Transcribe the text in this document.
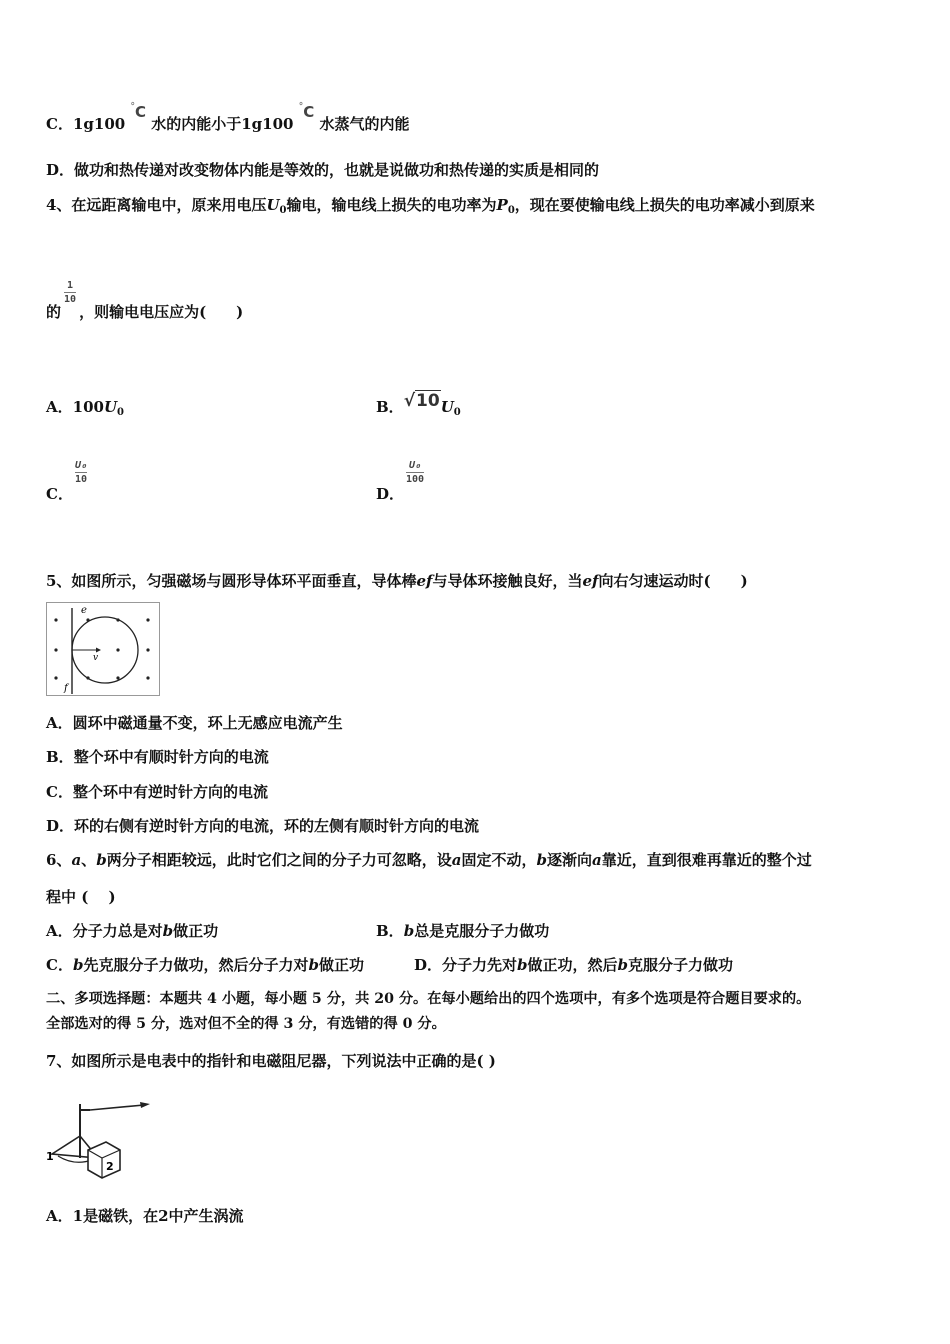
C．1g100 °C 水的内能小于1g100 °C 水蒸气的内能
D．做功和热传递对改变物体内能是等效的，也就是说做功和热传递的实质是相同的
4、在远距离输电中，原来用电压$U_0$输电，输电线上损失的电功率为$P_0$，现在要使输电线上损失的电功率减小到原来
的
$\frac{1}{10}$
，则输电电压应为(　　)
A．$100U_0$	B．$√10U_0$
C．
$\frac{\text{U₀}}{10}$
D．
$\frac{\text{U₀}}{100}$
5、如图所示，匀强磁场与圆形导体环平面垂直，导体棒ef与导体环接触良好，当ef向右匀速运动时(　　)
e
f
v
A．圆环中磁通量不变，环上无感应电流产生
B．整个环中有顺时针方向的电流
C．整个环中有逆时针方向的电流
D．环的右侧有逆时针方向的电流，环的左侧有顺时针方向的电流
6、a、b两分子相距较远，此时它们之间的分子力可忽略，设a固定不动，b逐渐向a靠近，直到很难再靠近的整个过
程中 (　 )
A．分子力总是对b做正功	B．b总是克服分子力做功
C．b先克服分子力做功，然后分子力对b做正功	D．分子力先对b做正功，然后b克服分子力做功
二、多项选择题：本题共 4 小题，每小题 5 分，共 20 分。在每小题给出的四个选项中，有多个选项是符合题目要求的。
全部选对的得 5 分，选对但不全的得 3 分，有选错的得 0 分。
7、如图所示是电表中的指针和电磁阻尼器，下列说法中正确的是( )
1
2
A．1是磁铁，在2中产生涡流
